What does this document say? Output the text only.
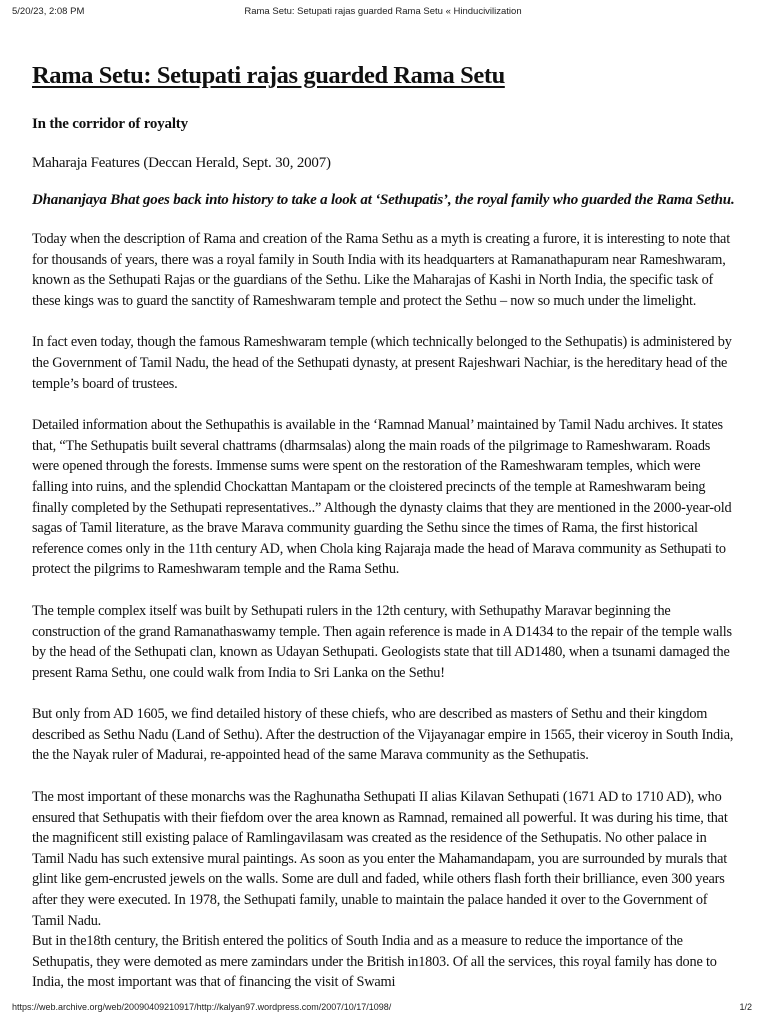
5/20/23, 2:08 PM	Rama Setu: Setupati rajas guarded Rama Setu « Hinducivilization
Rama Setu: Setupati rajas guarded Rama Setu

In the corridor of royalty

Maharaja Features (Deccan Herald, Sept. 30, 2007)

Dhananjaya Bhat goes back into history to take a look at ‘Sethupatis’, the royal family who guarded the Rama Sethu.

Today when the description of Rama and creation of the Rama Sethu as a myth is creating a furore, it is interesting to note that for thousands of years, there was a royal family in South India with its headquarters at Ramanathapuram near Rameshwaram, known as the Sethupati Rajas or the guardians of the Sethu. Like the Maharajas of Kashi in North India, the specific task of these kings was to guard the sanctity of Rameshwaram temple and protect the Sethu – now so much under the limelight.

In fact even today, though the famous Rameshwaram temple (which technically belonged to the Sethupatis) is administered by the Government of Tamil Nadu, the head of the Sethupati dynasty, at present Rajeshwari Nachiar, is the hereditary head of the temple’s board of trustees.

Detailed information about the Sethupathis is available in the ‘Ramnad Manual’ maintained by Tamil Nadu archives. It states that, “The Sethupatis built several chattrams (dharmsalas) along the main roads of the pilgrimage to Rameshwaram. Roads were opened through the forests. Immense sums were spent on the restoration of the Rameshwaram temples, which were falling into ruins, and the splendid Chockattan Mantapam or the cloistered precincts of the temple at Rameshwaram being finally completed by the Sethupati representatives..” Although the dynasty claims that they are mentioned in the 2000-year-old sagas of Tamil literature, as the brave Marava community guarding the Sethu since the times of Rama, the first historical reference comes only in the 11th century AD, when Chola king Rajaraja made the head of Marava community as Sethupati to protect the pilgrims to Rameshwaram temple and the Rama Sethu.

The temple complex itself was built by Sethupati rulers in the 12th century, with Sethupathy Maravar beginning the construction of the grand Ramanathaswamy temple. Then again reference is made in A D1434 to the repair of the temple walls by the head of the Sethupati clan, known as Udayan Sethupati. Geologists state that till AD1480, when a tsunami damaged the present Rama Sethu, one could walk from India to Sri Lanka on the Sethu!

But only from AD 1605, we find detailed history of these chiefs, who are described as masters of Sethu and their kingdom described as Sethu Nadu (Land of Sethu). After the destruction of the Vijayanagar empire in 1565, their viceroy in South India, the the Nayak ruler of Madurai, re-appointed head of the same Marava community as the Sethupatis.

The most important of these monarchs was the Raghunatha Sethupati II alias Kilavan Sethupati (1671 AD to 1710 AD), who ensured that Sethupatis with their fiefdom over the area known as Ramnad, remained all powerful. It was during his time, that the magnificent still existing palace of Ramlingavilasam was created as the residence of the Sethupatis. No other palace in Tamil Nadu has such extensive mural paintings. As soon as you enter the Mahamandapam, you are surrounded by murals that glint like gem-encrusted jewels on the walls. Some are dull and faded, while others flash forth their brilliance, even 300 years after they were executed. In 1978, the Sethupati family, unable to maintain the palace handed it over to the Government of Tamil Nadu.

But in the18th century, the British entered the politics of South India and as a measure to reduce the importance of the Sethupatis, they were demoted as mere zamindars under the British in1803. Of all the services, this royal family has done to India, the most important was that of financing the visit of Swami

https://web.archive.org/web/20090409210917/http://kalyan97.wordpress.com/2007/10/17/1098/	1/2
